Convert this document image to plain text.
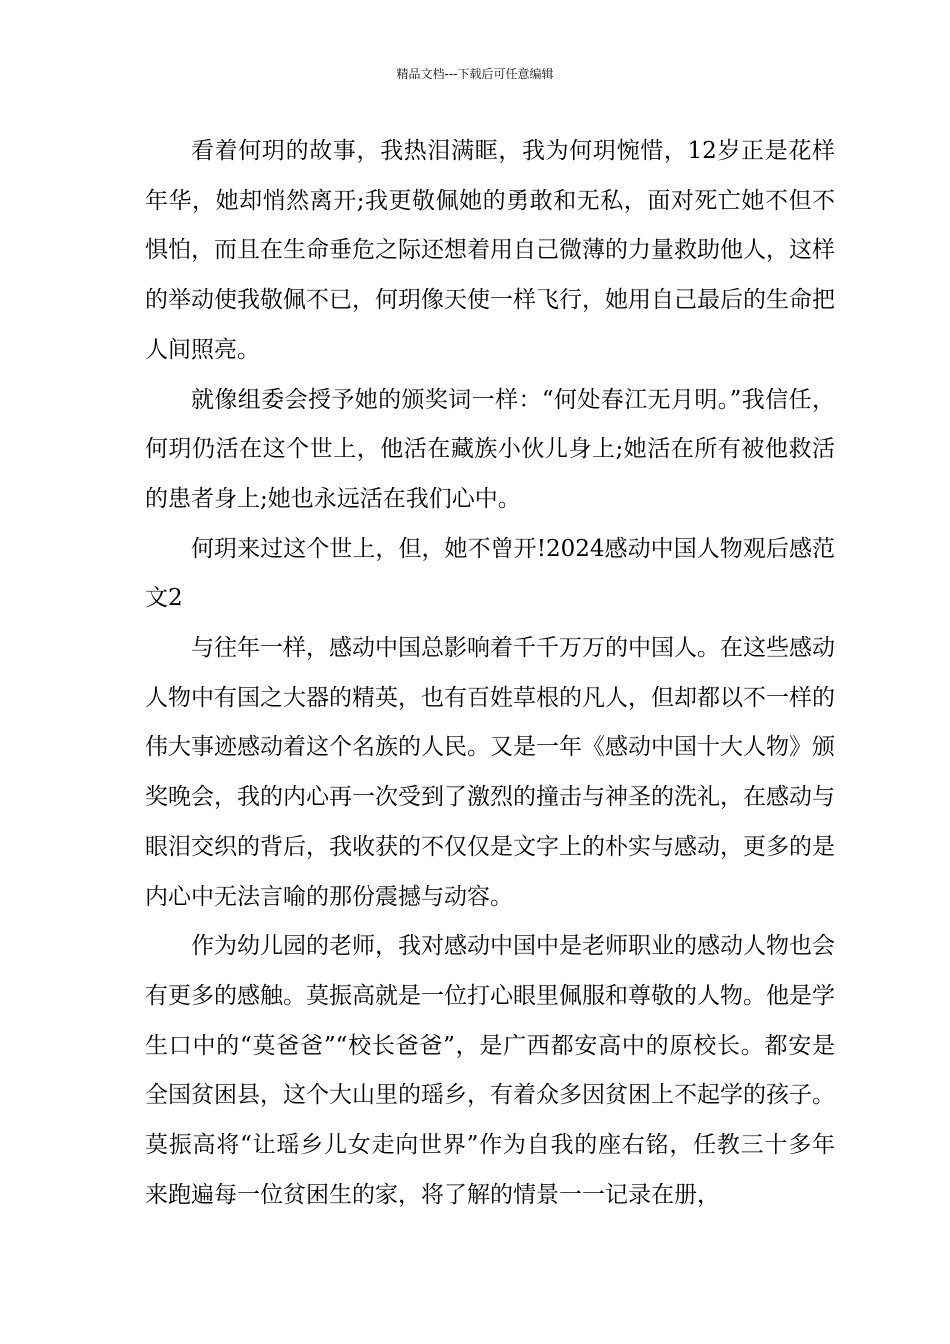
精品文档---下载后可任意编辑

看着何玥的故事，我热泪满眶，我为何玥惋惜，12岁正是花样年华，她却悄然离开;我更敬佩她的勇敢和无私，面对死亡她不但不惧怕，而且在生命垂危之际还想着用自己微薄的力量救助他人，这样的举动使我敬佩不已，何玥像天使一样飞行，她用自己最后的生命把人间照亮。

就像组委会授予她的颁奖词一样：“何处春江无月明。”我信任，何玥仍活在这个世上，他活在藏族小伙儿身上;她活在所有被他救活的患者身上;她也永远活在我们心中。

何玥来过这个世上，但，她不曾开!2024感动中国人物观后感范文2

与往年一样，感动中国总影响着千千万万的中国人。在这些感动人物中有国之大器的精英，也有百姓草根的凡人，但却都以不一样的伟大事迹感动着这个名族的人民。又是一年《感动中国十大人物》颁奖晚会，我的内心再一次受到了激烈的撞击与神圣的洗礼，在感动与眼泪交织的背后，我收获的不仅仅是文字上的朴实与感动，更多的是内心中无法言喻的那份震撼与动容。

作为幼儿园的老师，我对感动中国中是老师职业的感动人物也会有更多的感触。莫振高就是一位打心眼里佩服和尊敬的人物。他是学生口中的“莫爸爸”“校长爸爸”，是广西都安高中的原校长。都安是全国贫困县，这个大山里的瑶乡，有着众多因贫困上不起学的孩子。莫振高将“让瑶乡儿女走向世界”作为自我的座右铭，任教三十多年来跑遍每一位贫困生的家，将了解的情景一一记录在册，
